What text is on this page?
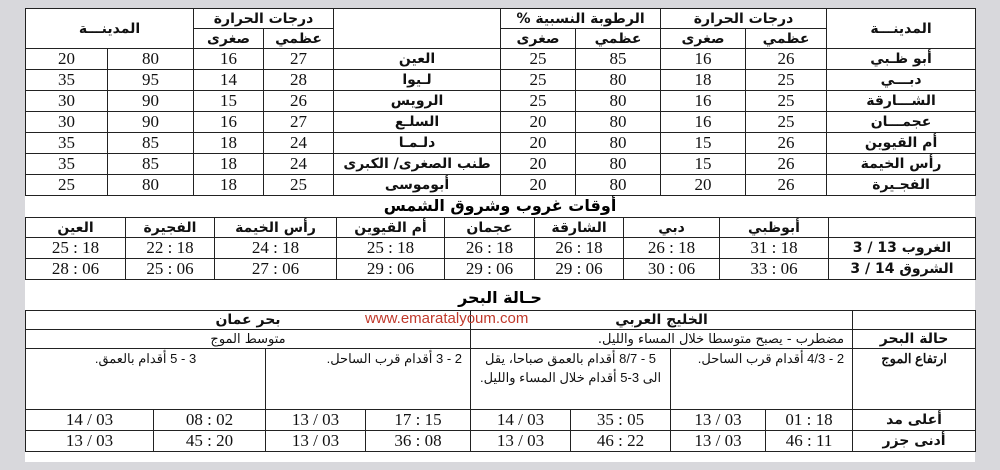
المدينـــة	درجات الحرارة		الرطوبة النسبية %			درجات الحرارة		المدينـــة		
	عظمي	صغرى	عظمي	صغرى		عظمي	صغرى		
أبو ظـبي	26	16	85	25	العين	27	16	80	20	
دبـــي	25	18	80	25	لـيوا	28	14	95	35	
الشـــارقة	25	16	80	25	الرويس	26	15	90	30	
عجمـــان	25	16	80	20	السلـع	27	16	90	30	
أم القيوين	26	15	80	20	دلـمـا	24	18	85	35	
رأس الخيمة	26	15	80	20	طنب الصغرى/ الكبرى	24	18	85	35	
الفجـيرة	26	20	80	20	أبوموسى	25	18	80	25	
أوقات غروب وشروق الشمس
	أبوظبي	دبي	الشارقة	عجمان	أم القيوين	رأس الخيمة	الفجيرة	العين
الغروب 13 / 3	18 : 31	18 : 26	18 : 26	18 : 26	18 : 25	18 : 24	18 : 22	18 : 25
الشروق 14 / 3	06 : 33	06 : 30	06 : 29	06 : 29	06 : 29	06 : 27	06 : 25	06 : 28
حـالة البحر
	الخليج العربي				بحر عمان			
حالة البحر	مضطرب - يصبح متوسطا خلال المساء والليل.				متوسط الموج			
ارتفاع الموج	2 - 4/3 أقدام قرب الساحل.		5 - 8/7 أقدام بالعمق صباحا، يقل الى 3-5 أقدام خلال المساء والليل.		2 - 3 أقدام قرب الساحل.		3 - 5 أقدام بالعمق.	
أعلى مد	18 : 01	03 / 13	05 : 35	03 / 14	15 : 17	03 / 13	02 : 08	03 / 14
أدنى جزر	11 : 46	03 / 13	22 : 46	03 / 13	08 : 36	03 / 13	20 : 45	03 / 13
www.emaratalyoum.com
